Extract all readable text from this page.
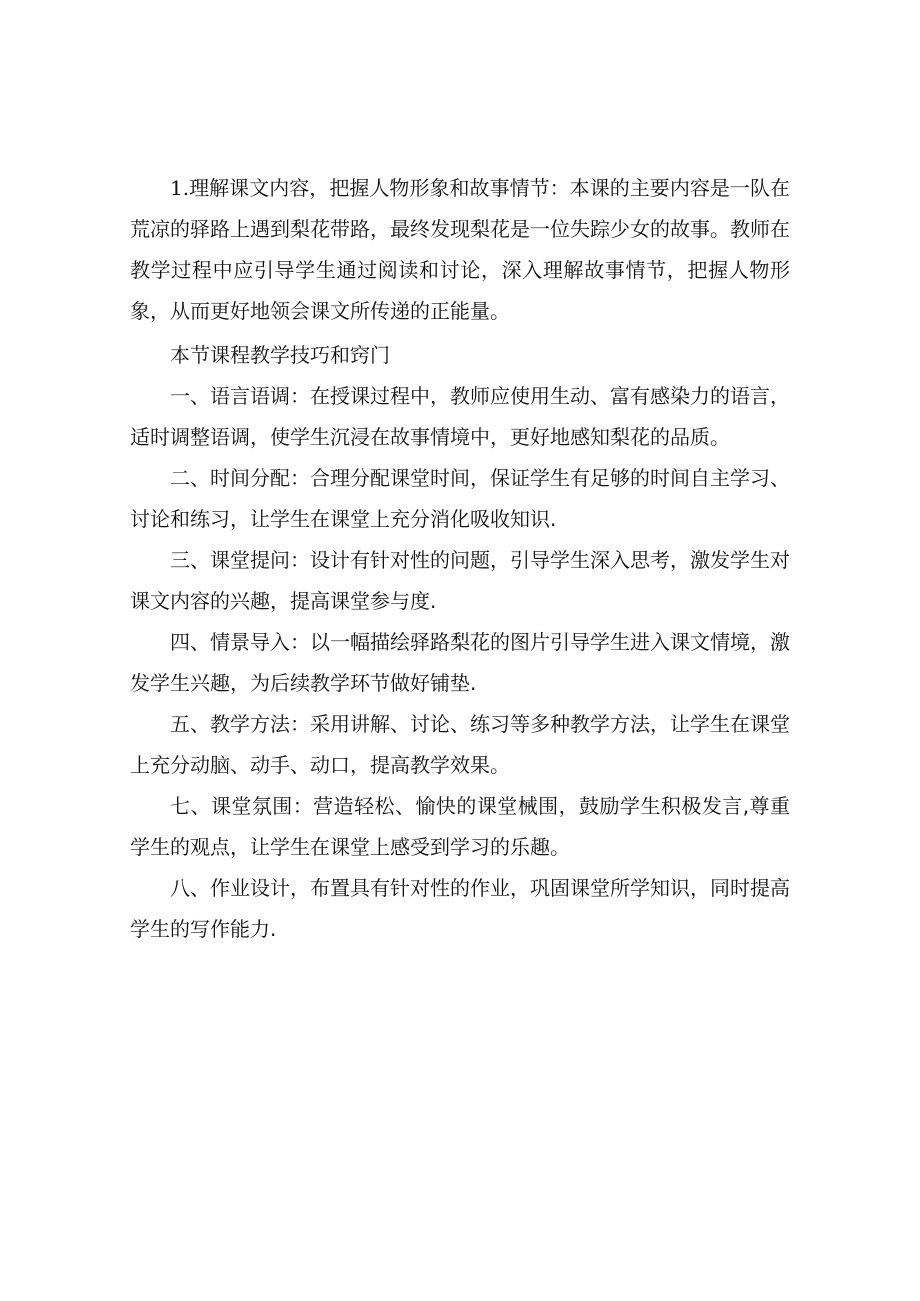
1.理解课文内容，把握人物形象和故事情节：本课的主要内容是一队在荒凉的驿路上遇到梨花带路，最终发现梨花是一位失踪少女的故事。教师在教学过程中应引导学生通过阅读和讨论，深入理解故事情节，把握人物形象，从而更好地领会课文所传递的正能量。

本节课程教学技巧和窍门

一、语言语调：在授课过程中，教师应使用生动、富有感染力的语言，适时调整语调，使学生沉浸在故事情境中，更好地感知梨花的品质。

二、时间分配：合理分配课堂时间，保证学生有足够的时间自主学习、讨论和练习，让学生在课堂上充分消化吸收知识.

三、课堂提问：设计有针对性的问题，引导学生深入思考，激发学生对课文内容的兴趣，提高课堂参与度.

四、情景导入：以一幅描绘驿路梨花的图片引导学生进入课文情境，激发学生兴趣，为后续教学环节做好铺垫.

五、教学方法：采用讲解、讨论、练习等多种教学方法，让学生在课堂上充分动脑、动手、动口，提高教学效果。

七、课堂氛围：营造轻松、愉快的课堂械围，鼓励学生积极发言,尊重学生的观点，让学生在课堂上感受到学习的乐趣。

八、作业设计，布置具有针对性的作业，巩固课堂所学知识，同时提高学生的写作能力.
